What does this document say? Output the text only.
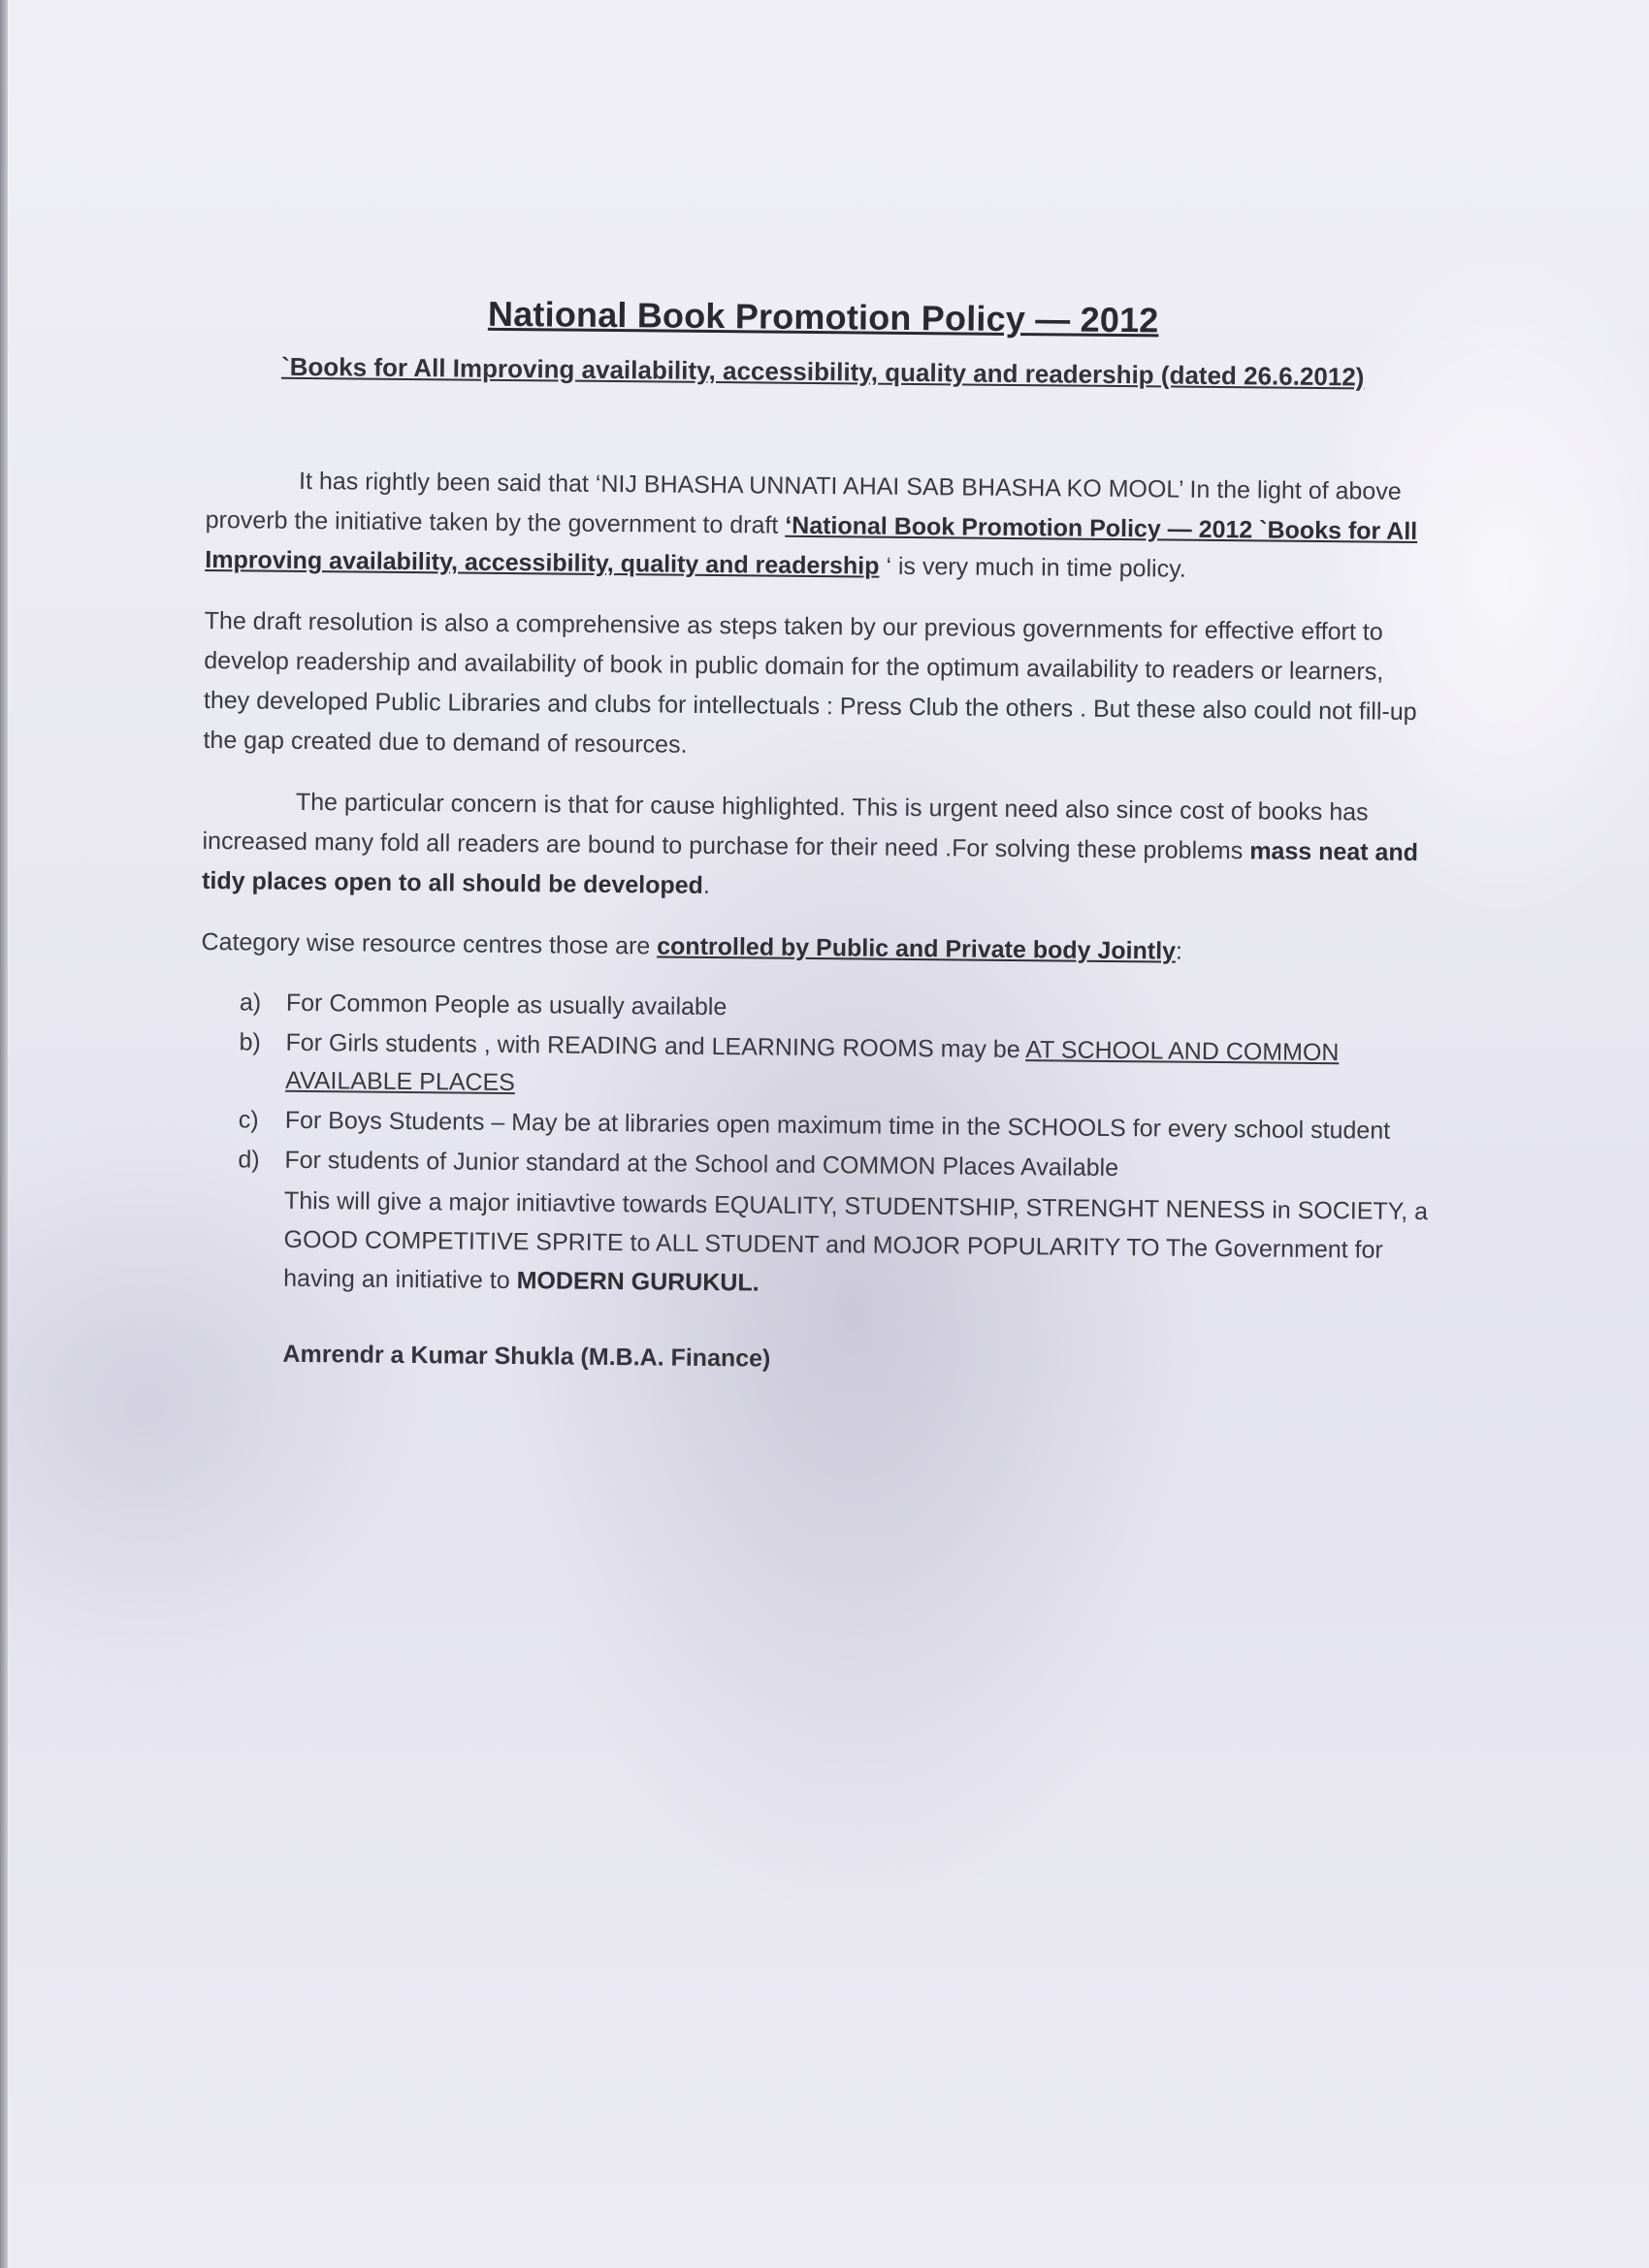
National Book Promotion Policy — 2012
`Books for All Improving availability, accessibility, quality and readership (dated 26.6.2012)

It has rightly been said that ‘NIJ BHASHA UNNATI AHAI SAB BHASHA KO MOOL’ In the light of above proverb the initiative taken by the government to draft ‘National Book Promotion Policy — 2012 `Books for All Improving availability, accessibility, quality and readership ‘ is very much in time policy.

The draft resolution is also a comprehensive as steps taken by our previous governments for effective effort to develop readership and availability of book in public domain for the optimum availability to readers or learners, they developed Public Libraries and clubs for intellectuals : Press Club the others . But these also could not fill-up the gap created due to demand of resources.

The particular concern is that for cause highlighted. This is urgent need also since cost of books has increased many fold all readers are bound to purchase for their need .For solving these problems mass neat and tidy places open to all should be developed.

Category wise resource centres those are controlled by Public and Private body Jointly:

a) For Common People as usually available
b) For Girls students , with READING and LEARNING ROOMS may be AT SCHOOL AND COMMON AVAILABLE PLACES
c) For Boys Students – May be at libraries open maximum time in the SCHOOLS for every school student
d) For students of Junior standard at the School and COMMON Places Available

This will give a major initiavtive towards EQUALITY, STUDENTSHIP, STRENGHT NENESS in SOCIETY, a GOOD COMPETITIVE SPRITE to ALL STUDENT and MOJOR POPULARITY TO The Government for having an initiative to MODERN GURUKUL.

Amrendr a Kumar Shukla (M.B.A. Finance)
